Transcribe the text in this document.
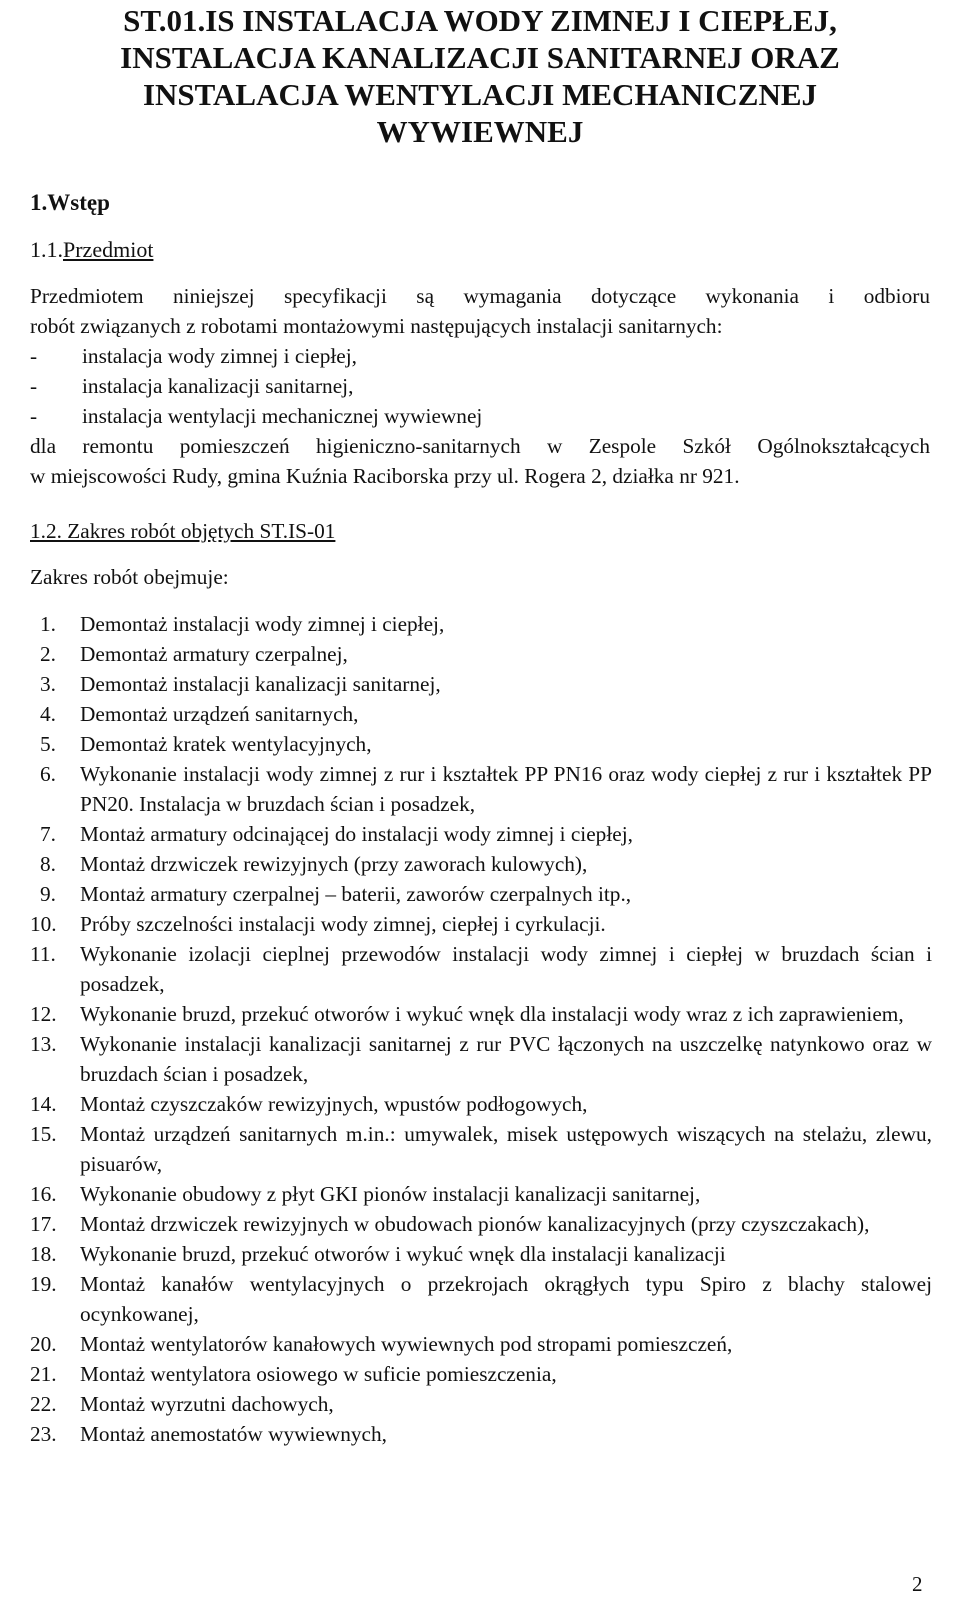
ST.01.IS INSTALACJA WODY ZIMNEJ I CIEPŁEJ,
INSTALACJA KANALIZACJI SANITARNEJ ORAZ
INSTALACJA WENTYLACJI MECHANICZNEJ
WYWIEWNEJ
1.Wstęp
1.1.Przedmiot
Przedmiotem niniejszej specyfikacji są wymagania dotyczące wykonania i odbioru
robót związanych z robotami montażowymi następujących instalacji sanitarnych:
- instalacja wody zimnej i ciepłej,
- instalacja kanalizacji sanitarnej,
- instalacja wentylacji mechanicznej wywiewnej
dla remontu pomieszczeń higieniczno-sanitarnych w Zespole Szkół Ogólnokształcących
w miejscowości Rudy, gmina Kuźnia Raciborska przy ul. Rogera 2, działka nr 921.
1.2. Zakres robót objętych ST.IS-01
Zakres robót obejmuje:
1. Demontaż instalacji wody zimnej i ciepłej,
2. Demontaż armatury czerpalnej,
3. Demontaż instalacji kanalizacji sanitarnej,
4. Demontaż urządzeń sanitarnych,
5. Demontaż kratek wentylacyjnych,
6. Wykonanie instalacji wody zimnej z rur i kształtek PP PN16 oraz wody ciepłej z rur i kształtek PP PN20. Instalacja w bruzdach ścian i posadzek,
7. Montaż armatury odcinającej do instalacji wody zimnej i ciepłej,
8. Montaż drzwiczek rewizyjnych (przy zaworach kulowych),
9. Montaż armatury czerpalnej – baterii, zaworów czerpalnych itp.,
10. Próby szczelności instalacji wody zimnej, ciepłej i cyrkulacji.
11. Wykonanie izolacji cieplnej przewodów instalacji wody zimnej i ciepłej w bruzdach ścian i posadzek,
12. Wykonanie bruzd, przekuć otworów i wykuć wnęk dla instalacji wody wraz z ich zaprawieniem,
13. Wykonanie instalacji kanalizacji sanitarnej z rur PVC łączonych na uszczelkę natynkowo oraz w bruzdach ścian i posadzek,
14. Montaż czyszczaków rewizyjnych, wpustów podłogowych,
15. Montaż urządzeń sanitarnych m.in.: umywalek, misek ustępowych wiszących na stelażu, zlewu, pisuarów,
16. Wykonanie obudowy z płyt GKI pionów instalacji kanalizacji sanitarnej,
17. Montaż drzwiczek rewizyjnych w obudowach pionów kanalizacyjnych (przy czyszczakach),
18. Wykonanie bruzd, przekuć otworów i wykuć wnęk dla instalacji kanalizacji
19. Montaż kanałów wentylacyjnych o przekrojach okrągłych typu Spiro z blachy stalowej ocynkowanej,
20. Montaż wentylatorów kanałowych wywiewnych pod stropami pomieszczeń,
21. Montaż wentylatora osiowego w suficie pomieszczenia,
22. Montaż wyrzutni dachowych,
23. Montaż anemostatów wywiewnych,
2
